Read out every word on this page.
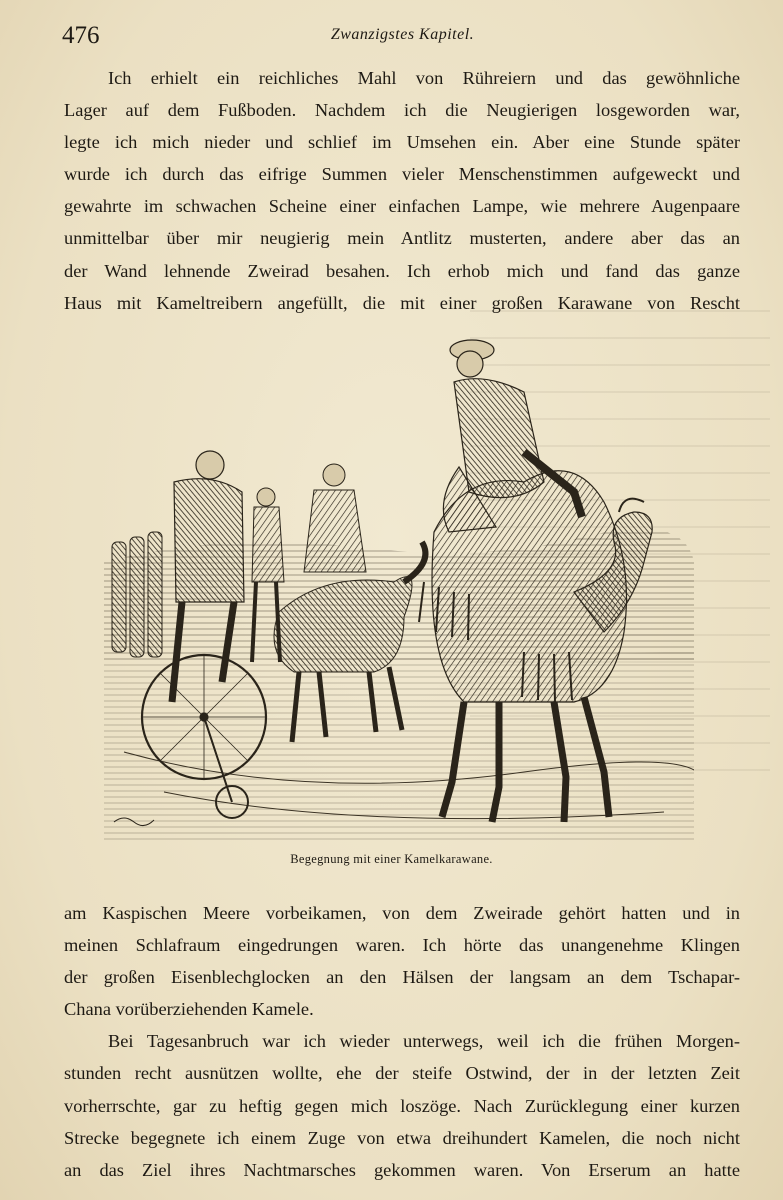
476	Zwanzigstes Kapitel.
Ich erhielt ein reichliches Mahl von Rühreiern und das gewöhnliche
Lager auf dem Fußboden. Nachdem ich die Neugierigen losgeworden war,
legte ich mich nieder und schlief im Umsehen ein. Aber eine Stunde später
wurde ich durch das eifrige Summen vieler Menschenstimmen aufgeweckt und
gewahrte im schwachen Scheine einer einfachen Lampe, wie mehrere Augenpaare
unmittelbar über mir neugierig mein Antlitz musterten, andere aber das an
der Wand lehnende Zweirad besahen. Ich erhob mich und fand das ganze
Haus mit Kameltreibern angefüllt, die mit einer großen Karawane von Rescht
Begegnung mit einer Kamelkarawane.
am Kaspischen Meere vorbeikamen, von dem Zweirade gehört hatten und in
meinen Schlafraum eingedrungen waren. Ich hörte das unangenehme Klingen
der großen Eisenblechglocken an den Hälsen der langsam an dem Tschapar-
Chana vorüberziehenden Kamele.
Bei Tagesanbruch war ich wieder unterwegs, weil ich die frühen Morgen-
stunden recht ausnützen wollte, ehe der steife Ostwind, der in der letzten Zeit
vorherrschte, gar zu heftig gegen mich loszöge. Nach Zurücklegung einer kurzen
Strecke begegnete ich einem Zuge von etwa dreihundert Kamelen, die noch nicht
an das Ziel ihres Nachtmarsches gekommen waren. Von Erserum an hatte
